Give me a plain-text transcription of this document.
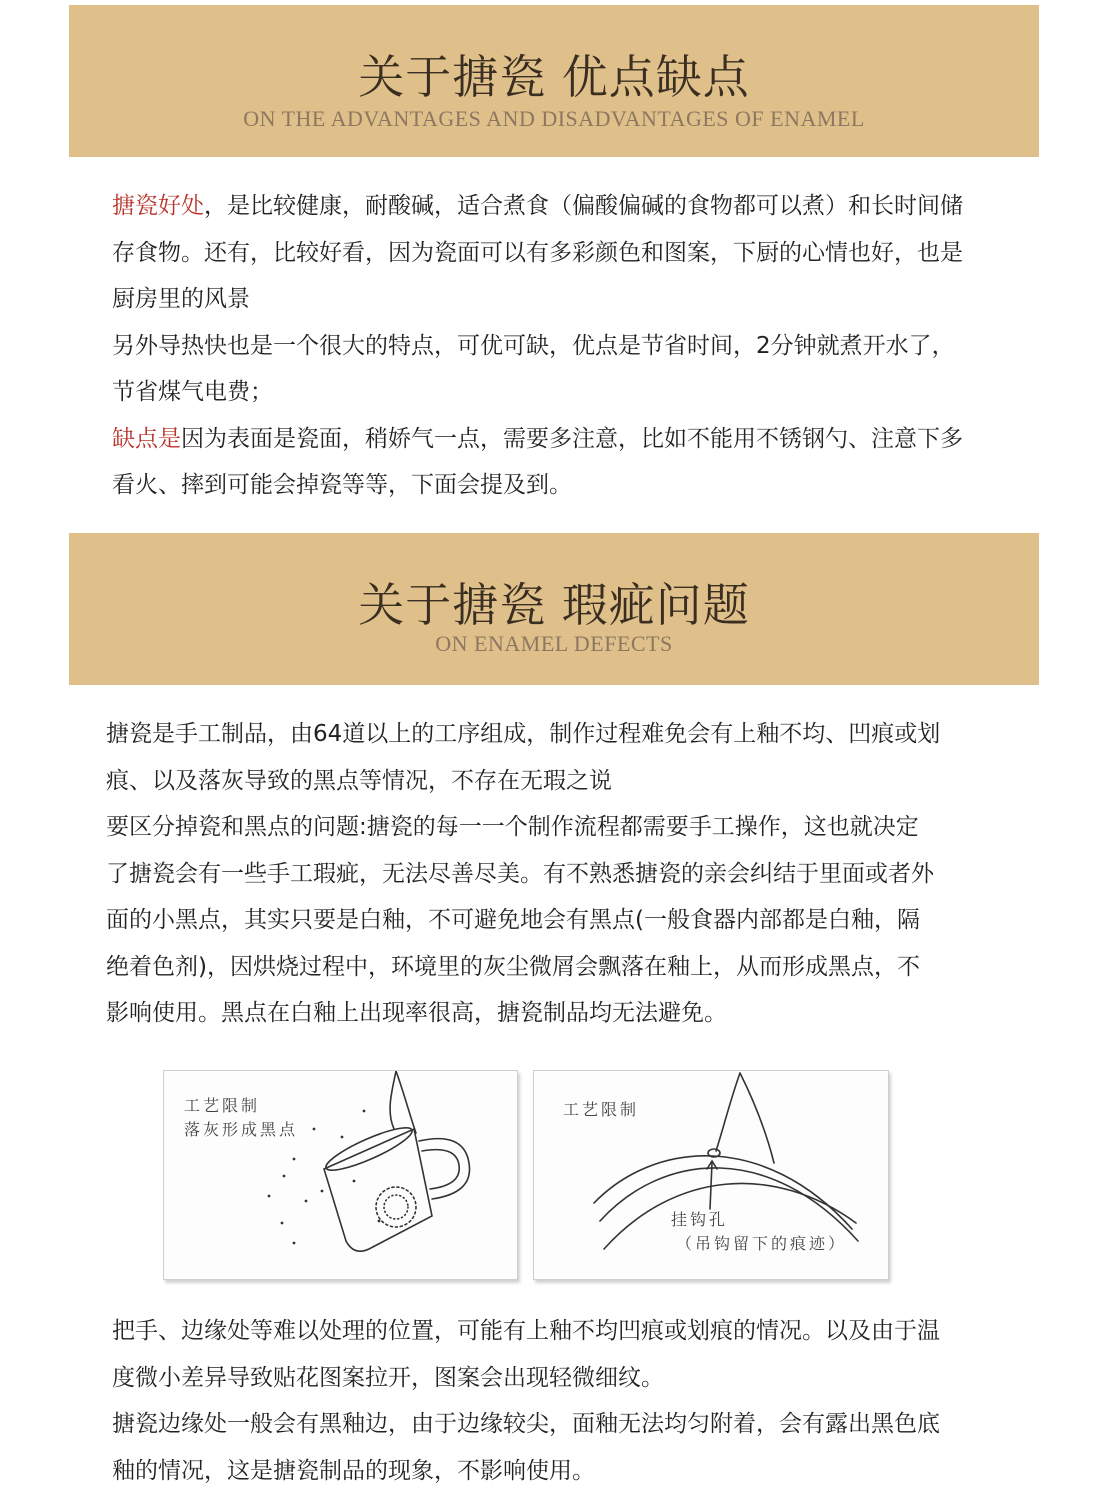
关于搪瓷 优点缺点
ON THE ADVANTAGES AND DISADVANTAGES OF ENAMEL

搪瓷好处，是比较健康，耐酸碱，适合煮食（偏酸偏碱的食物都可以煮）和长时间储

存食物。还有，比较好看，因为瓷面可以有多彩颜色和图案，下厨的心情也好，也是

厨房里的风景

另外导热快也是一个很大的特点，可优可缺，优点是节省时间，2分钟就煮开水了，

节省煤气电费；

缺点是因为表面是瓷面，稍娇气一点，需要多注意，比如不能用不锈钢勺、注意下多

看火、摔到可能会掉瓷等等，下面会提及到。

关于搪瓷 瑕疵问题
ON ENAMEL DEFECTS

搪瓷是手工制品，由64道以上的工序组成，制作过程难免会有上釉不均、凹痕或划

痕、以及落灰导致的黑点等情况，不存在无瑕之说

要区分掉瓷和黑点的问题:搪瓷的每一一个制作流程都需要手工操作，这也就决定

了搪瓷会有一些手工瑕疵，无法尽善尽美。有不熟悉搪瓷的亲会纠结于里面或者外

面的小黑点，其实只要是白釉，不可避免地会有黑点(一般食器内部都是白釉，隔

绝着色剂)，因烘烧过程中，环境里的灰尘微屑会飘落在釉上，从而形成黑点，不

影响使用。黑点在白釉上出现率很高，搪瓷制品均无法避免。

工艺限制
落灰形成黑点
工艺限制
挂钩孔
（吊钩留下的痕迹）

把手、边缘处等难以处理的位置，可能有上釉不均凹痕或划痕的情况。以及由于温

度微小差异导致贴花图案拉开，图案会出现轻微细纹。

搪瓷边缘处一般会有黑釉边，由于边缘较尖，面釉无法均匀附着，会有露出黑色底

釉的情况，这是搪瓷制品的现象，不影响使用。
